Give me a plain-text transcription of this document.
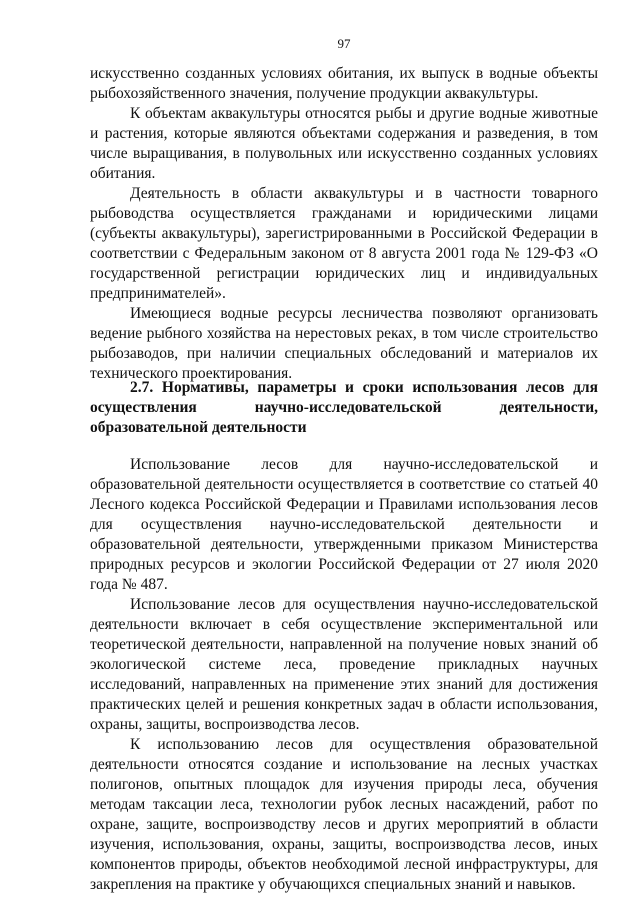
97

искусственно созданных условиях обитания, их выпуск в водные объекты рыбохозяйственного значения, получение продукции аквакультуры.

К объектам аквакультуры относятся рыбы и другие водные животные и растения, которые являются объектами содержания и разведения, в том числе выращивания, в полувольных или искусственно созданных условиях обитания.

Деятельность в области аквакультуры и в частности товарного рыбоводства осуществляется гражданами и юридическими лицами (субъекты аквакультуры), зарегистрированными в Российской Федерации в соответствии с Федеральным законом от 8 августа 2001 года № 129-ФЗ «О государственной регистрации юридических лиц и индивидуальных предпринимателей».

Имеющиеся водные ресурсы лесничества позволяют организовать ведение рыбного хозяйства на нерестовых реках, в том числе строительство рыбозаводов, при наличии специальных обследований и материалов их технического проектирования.

2.7. Нормативы, параметры и сроки использования лесов для осуществления научно-исследовательской деятельности, образовательной деятельности

Использование лесов для научно-исследовательской и образовательной деятельности осуществляется в соответствие со статьей 40 Лесного кодекса Российской Федерации и Правилами использования лесов для осуществления научно-исследовательской деятельности и образовательной деятельности, утвержденными приказом Министерства природных ресурсов и экологии Российской Федерации от 27 июля 2020 года № 487.

Использование лесов для осуществления научно-исследовательской деятельности включает в себя осуществление экспериментальной или теоретической деятельности, направленной на получение новых знаний об экологической системе леса, проведение прикладных научных исследований, направленных на применение этих знаний для достижения практических целей и решения конкретных задач в области использования, охраны, защиты, воспроизводства лесов.

К использованию лесов для осуществления образовательной деятельности относятся создание и использование на лесных участках полигонов, опытных площадок для изучения природы леса, обучения методам таксации леса, технологии рубок лесных насаждений, работ по охране, защите, воспроизводству лесов и других мероприятий в области изучения, использования, охраны, защиты, воспроизводства лесов, иных компонентов природы, объектов необходимой лесной инфраструктуры, для закрепления на практике у обучающихся специальных знаний и навыков.
